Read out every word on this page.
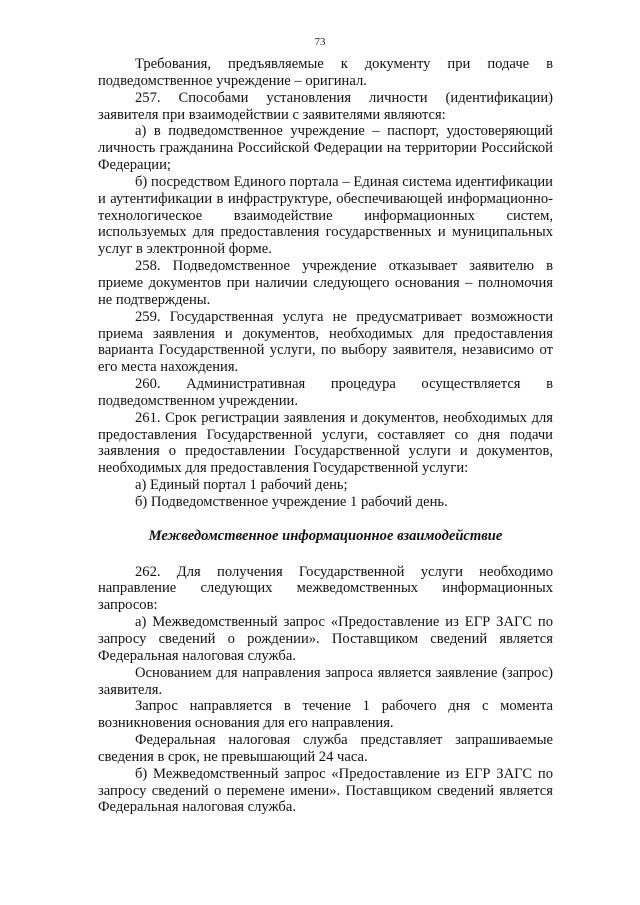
73

Требования, предъявляемые к документу при подаче в подведомственное учреждение – оригинал.

257. Способами установления личности (идентификации) заявителя при взаимодействии с заявителями являются:

а) в подведомственное учреждение – паспорт, удостоверяющий личность гражданина Российской Федерации на территории Российской Федерации;

б) посредством Единого портала – Единая система идентификации и аутентификации в инфраструктуре, обеспечивающей информационно-технологическое взаимодействие информационных систем, используемых для предоставления государственных и муниципальных услуг в электронной форме.

258. Подведомственное учреждение отказывает заявителю в приеме документов при наличии следующего основания – полномочия не подтверждены.

259. Государственная услуга не предусматривает возможности приема заявления и документов, необходимых для предоставления варианта Государственной услуги, по выбору заявителя, независимо от его места нахождения.

260. Административная процедура осуществляется в подведомственном учреждении.

261. Срок регистрации заявления и документов, необходимых для предоставления Государственной услуги, составляет со дня подачи заявления о предоставлении Государственной услуги и документов, необходимых для предоставления Государственной услуги:

а) Единый портал 1 рабочий день;

б) Подведомственное учреждение 1 рабочий день.

Межведомственное информационное взаимодействие

262. Для получения Государственной услуги необходимо направление следующих межведомственных информационных запросов:

а) Межведомственный запрос «Предоставление из ЕГР ЗАГС по запросу сведений о рождении». Поставщиком сведений является Федеральная налоговая служба.

Основанием для направления запроса является заявление (запрос) заявителя.

Запрос направляется в течение 1 рабочего дня с момента возникновения основания для его направления.

Федеральная налоговая служба представляет запрашиваемые сведения в срок, не превышающий 24 часа.

б) Межведомственный запрос «Предоставление из ЕГР ЗАГС по запросу сведений о перемене имени». Поставщиком сведений является Федеральная налоговая служба.
